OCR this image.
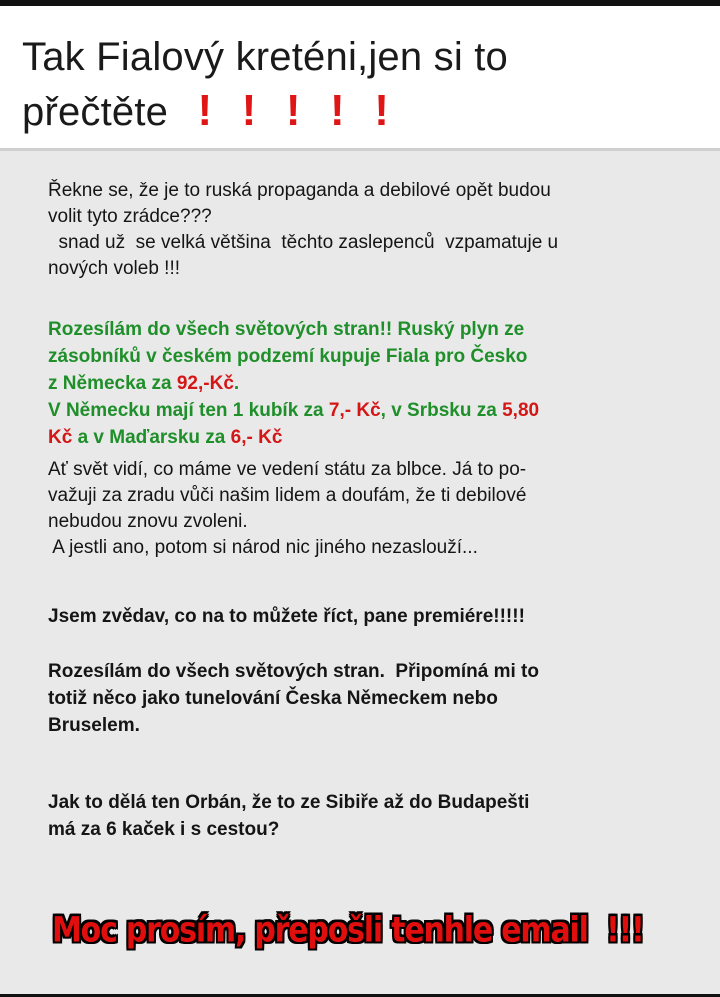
Tak Fialový kreténi,jen si to
přečtěte ! ! ! ! !
Řekne se, že je to ruská propaganda a debilové opět budou
volit tyto zrádce???
snad už  se velká většina  těchto zaslepenců  vzpamatuje u
nových voleb !!!
Rozesílám do všech světových stran!! Ruský plyn ze
zásobníků v českém podzemí kupuje Fiala pro Česko
z Německa za 92,-Kč.
V Německu mají ten 1 kubík za 7,- Kč, v Srbsku za 5,80
Kč a v Maďarsku za 6,- Kč
Ať svět vidí, co máme ve vedení státu za blbce. Já to po-
važuji za zradu vůči našim lidem a doufám, že ti debilové
nebudou znovu zvoleni.
A jestli ano, potom si národ nic jiného nezaslouží...
Jsem zvědav, co na to můžete říct, pane premiére!!!!!
Rozesílám do všech světových stran.  Připomíná mi to
totiž něco jako tunelování Česka Německem nebo
Bruselem.
Jak to dělá ten Orbán, že to ze Sibiře až do Budapešti
má za 6 kaček i s cestou?
Moc prosím, přepošli tenhle email  !!!
